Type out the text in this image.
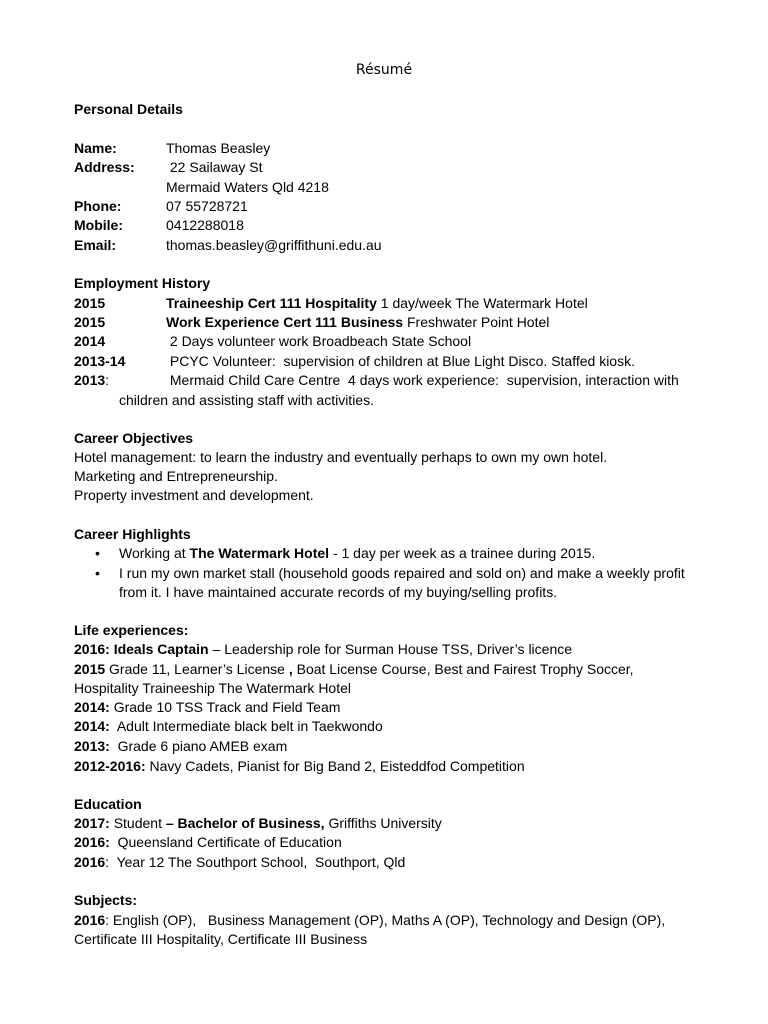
Résumé
Personal Details
Name:	Thomas Beasley
Address: 22 Sailaway St
Mermaid Waters Qld 4218
Phone:	07 55728721
Mobile:	0412288018
Email:	thomas.beasley@griffithuni.edu.au
Employment History
2015	Traineeship Cert 111 Hospitality 1 day/week The Watermark Hotel
2015	Work Experience Cert 111 Business Freshwater Point Hotel
2014	2 Days volunteer work Broadbeach State School
2013-14	PCYC Volunteer:  supervision of children at Blue Light Disco. Staffed kiosk.
2013:	Mermaid Child Care Centre  4 days work experience:  supervision, interaction with
children and assisting staff with activities.
Career Objectives
Hotel management: to learn the industry and eventually perhaps to own my own hotel.
Marketing and Entrepreneurship.
Property investment and development.
Career Highlights
• Working at The Watermark Hotel - 1 day per week as a trainee during 2015.
• I run my own market stall (household goods repaired and sold on) and make a weekly profit
from it. I have maintained accurate records of my buying/selling profits.
Life experiences:
2016: Ideals Captain – Leadership role for Surman House TSS, Driver’s licence
2015 Grade 11, Learner’s License , Boat License Course, Best and Fairest Trophy Soccer,
Hospitality Traineeship The Watermark Hotel
2014: Grade 10 TSS Track and Field Team
2014:  Adult Intermediate black belt in Taekwondo
2013:  Grade 6 piano AMEB exam
2012-2016: Navy Cadets, Pianist for Big Band 2, Eisteddfod Competition
Education
2017: Student – Bachelor of Business, Griffiths University
2016:  Queensland Certificate of Education
2016:  Year 12 The Southport School,  Southport, Qld
Subjects:
2016: English (OP),   Business Management (OP), Maths A (OP), Technology and Design (OP),
Certificate III Hospitality, Certificate III Business
